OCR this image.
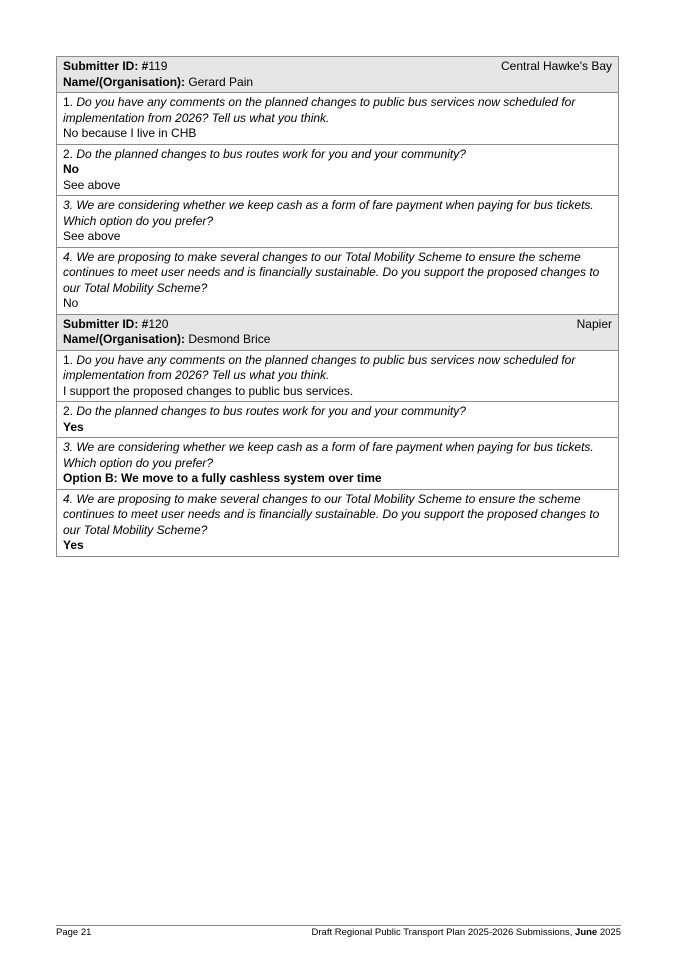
Submitter ID: #119	Central Hawke's Bay
Name/(Organisation): Gerard Pain
1. Do you have any comments on the planned changes to public bus services now scheduled for implementation from 2026? Tell us what you think.
No because I live in CHB
2. Do the planned changes to bus routes work for you and your community?
No
See above
3. We are considering whether we keep cash as a form of fare payment when paying for bus tickets. Which option do you prefer?
See above
4. We are proposing to make several changes to our Total Mobility Scheme to ensure the scheme continues to meet user needs and is financially sustainable. Do you support the proposed changes to our Total Mobility Scheme?
No
Submitter ID: #120	Napier
Name/(Organisation): Desmond Brice
1. Do you have any comments on the planned changes to public bus services now scheduled for implementation from 2026? Tell us what you think.
I support the proposed changes to public bus services.
2. Do the planned changes to bus routes work for you and your community?
Yes
3. We are considering whether we keep cash as a form of fare payment when paying for bus tickets. Which option do you prefer?
Option B: We move to a fully cashless system over time
4. We are proposing to make several changes to our Total Mobility Scheme to ensure the scheme continues to meet user needs and is financially sustainable. Do you support the proposed changes to our Total Mobility Scheme?
Yes
Page 21	Draft Regional Public Transport Plan 2025-2026 Submissions, June 2025
